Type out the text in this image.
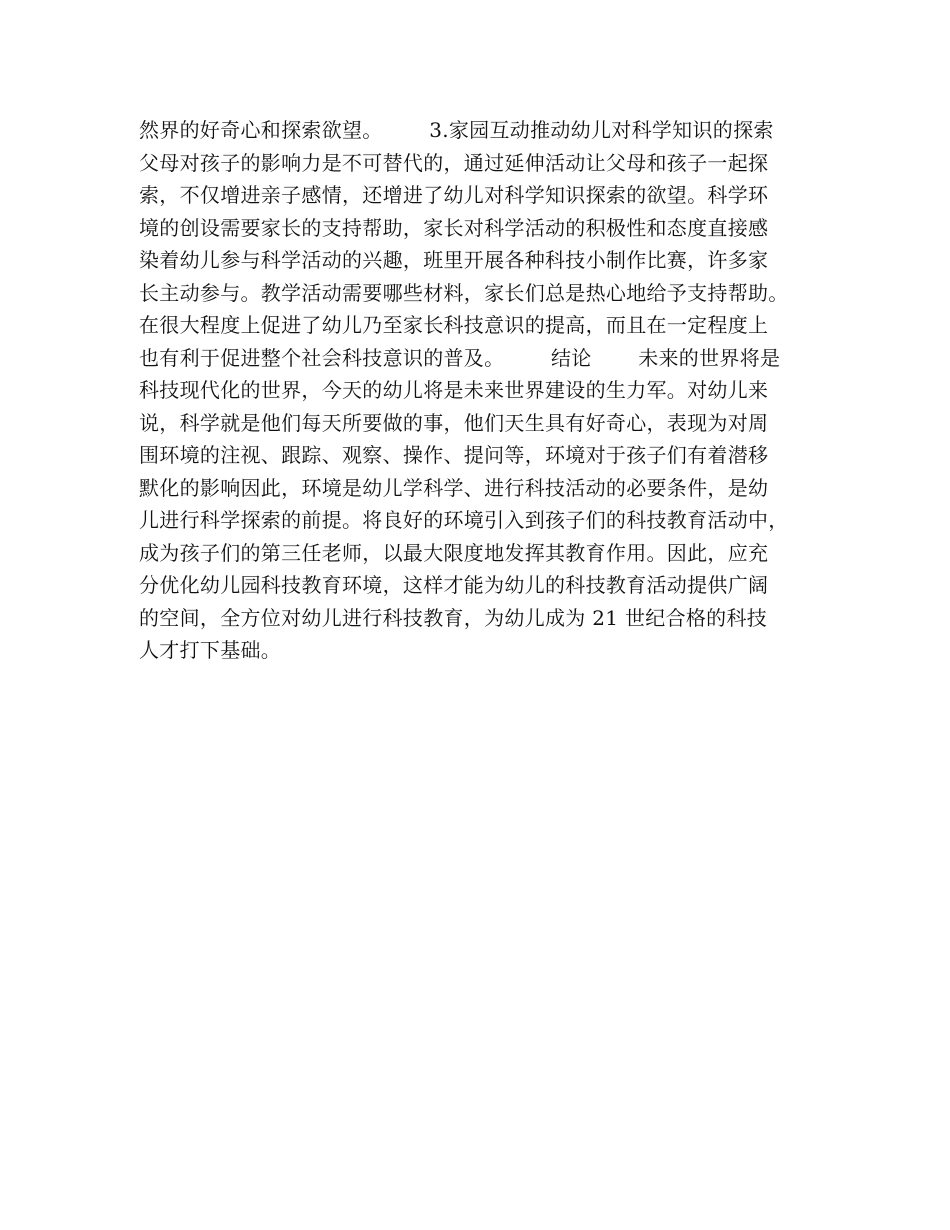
然界的好奇心和探索欲望。       3.家园互动推动幼儿对科学知识的探索
父母对孩子的影响力是不可替代的，通过延伸活动让父母和孩子一起探
索，不仅增进亲子感情，还增进了幼儿对科学知识探索的欲望。科学环
境的创设需要家长的支持帮助，家长对科学活动的积极性和态度直接感
染着幼儿参与科学活动的兴趣，班里开展各种科技小制作比赛，许多家
长主动参与。教学活动需要哪些材料，家长们总是热心地给予支持帮助。
在很大程度上促进了幼儿乃至家长科技意识的提高，而且在一定程度上
也有利于促进整个社会科技意识的普及。       结论       未来的世界将是
科技现代化的世界，今天的幼儿将是未来世界建设的生力军。对幼儿来
说，科学就是他们每天所要做的事，他们天生具有好奇心，表现为对周
围环境的注视、跟踪、观察、操作、提问等，环境对于孩子们有着潜移
默化的影响因此，环境是幼儿学科学、进行科技活动的必要条件，是幼
儿进行科学探索的前提。将良好的环境引入到孩子们的科技教育活动中，
成为孩子们的第三任老师，以最大限度地发挥其教育作用。因此，应充
分优化幼儿园科技教育环境，这样才能为幼儿的科技教育活动提供广阔
的空间，全方位对幼儿进行科技教育，为幼儿成为 21 世纪合格的科技
人才打下基础。
